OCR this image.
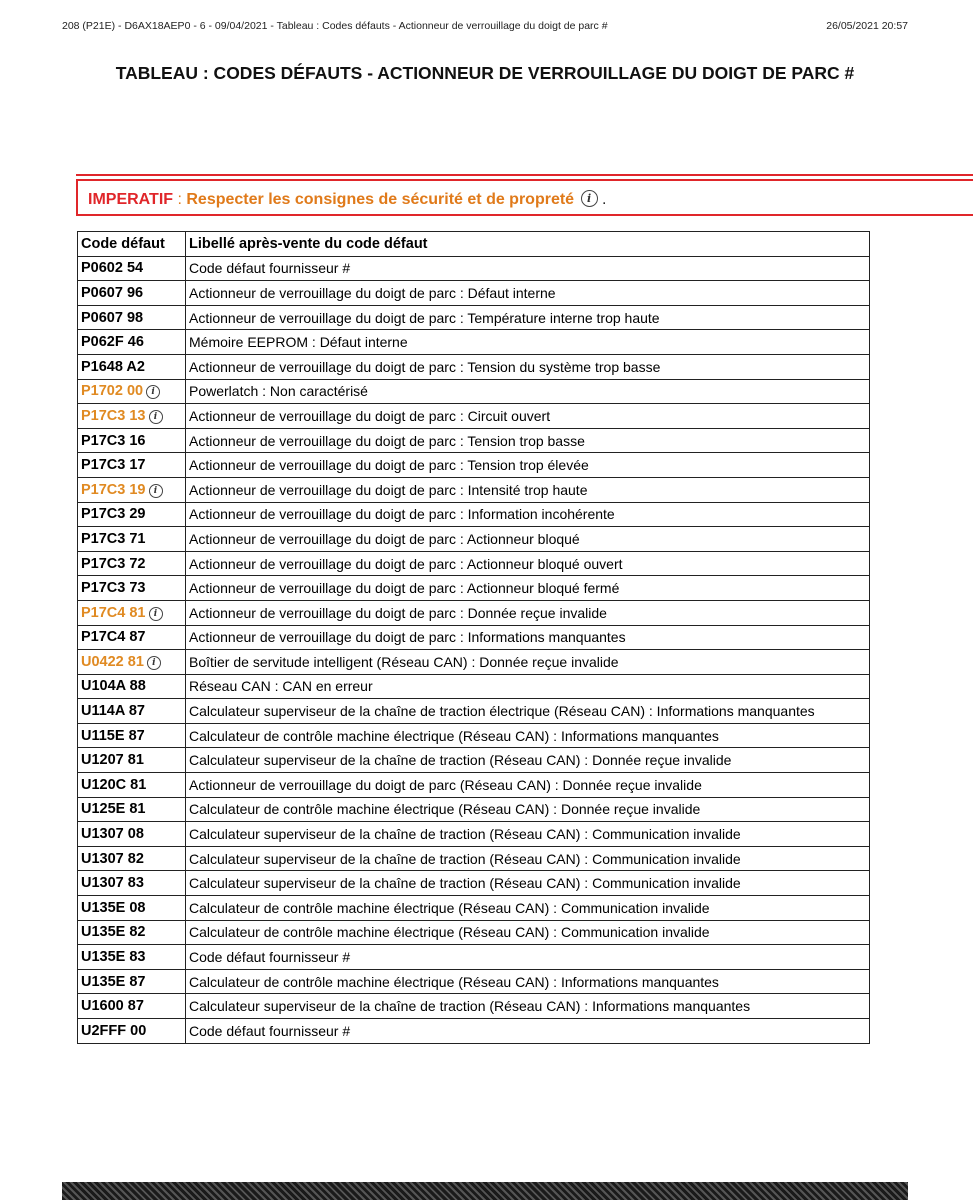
208 (P21E) - D6AX18AEP0 - 6 - 09/04/2021 - Tableau : Codes défauts - Actionneur de verrouillage du doigt de parc #	26/05/2021 20:57
TABLEAU : CODES DÉFAUTS - ACTIONNEUR DE VERROUILLAGE DU DOIGT DE PARC #
IMPERATIF : Respecter les consignes de sécurité et de propreté i .
Code défaut	Libellé après-vente du code défaut
P0602 54	Code défaut fournisseur #
P0607 96	Actionneur de verrouillage du doigt de parc : Défaut interne
P0607 98	Actionneur de verrouillage du doigt de parc : Température interne trop haute
P062F 46	Mémoire EEPROM : Défaut interne
P1648 A2	Actionneur de verrouillage du doigt de parc : Tension du système trop basse
P1702 00 i	Powerlatch : Non caractérisé
P17C3 13 i	Actionneur de verrouillage du doigt de parc : Circuit ouvert
P17C3 16	Actionneur de verrouillage du doigt de parc : Tension trop basse
P17C3 17	Actionneur de verrouillage du doigt de parc : Tension trop élevée
P17C3 19 i	Actionneur de verrouillage du doigt de parc : Intensité trop haute
P17C3 29	Actionneur de verrouillage du doigt de parc : Information incohérente
P17C3 71	Actionneur de verrouillage du doigt de parc : Actionneur bloqué
P17C3 72	Actionneur de verrouillage du doigt de parc : Actionneur bloqué ouvert
P17C3 73	Actionneur de verrouillage du doigt de parc : Actionneur bloqué fermé
P17C4 81 i	Actionneur de verrouillage du doigt de parc : Donnée reçue invalide
P17C4 87	Actionneur de verrouillage du doigt de parc : Informations manquantes
U0422 81 i	Boîtier de servitude intelligent (Réseau CAN) : Donnée reçue invalide
U104A 88	Réseau CAN : CAN en erreur
U114A 87	Calculateur superviseur de la chaîne de traction électrique (Réseau CAN) : Informations manquantes
U115E 87	Calculateur de contrôle machine électrique (Réseau CAN) : Informations manquantes
U1207 81	Calculateur superviseur de la chaîne de traction (Réseau CAN) : Donnée reçue invalide
U120C 81	Actionneur de verrouillage du doigt de parc (Réseau CAN) : Donnée reçue invalide
U125E 81	Calculateur de contrôle machine électrique (Réseau CAN) : Donnée reçue invalide
U1307 08	Calculateur superviseur de la chaîne de traction (Réseau CAN) : Communication invalide
U1307 82	Calculateur superviseur de la chaîne de traction (Réseau CAN) : Communication invalide
U1307 83	Calculateur superviseur de la chaîne de traction (Réseau CAN) : Communication invalide
U135E 08	Calculateur de contrôle machine électrique (Réseau CAN) : Communication invalide
U135E 82	Calculateur de contrôle machine électrique (Réseau CAN) : Communication invalide
U135E 83	Code défaut fournisseur #
U135E 87	Calculateur de contrôle machine électrique (Réseau CAN) : Informations manquantes
U1600 87	Calculateur superviseur de la chaîne de traction (Réseau CAN) : Informations manquantes
U2FFF 00	Code défaut fournisseur #
